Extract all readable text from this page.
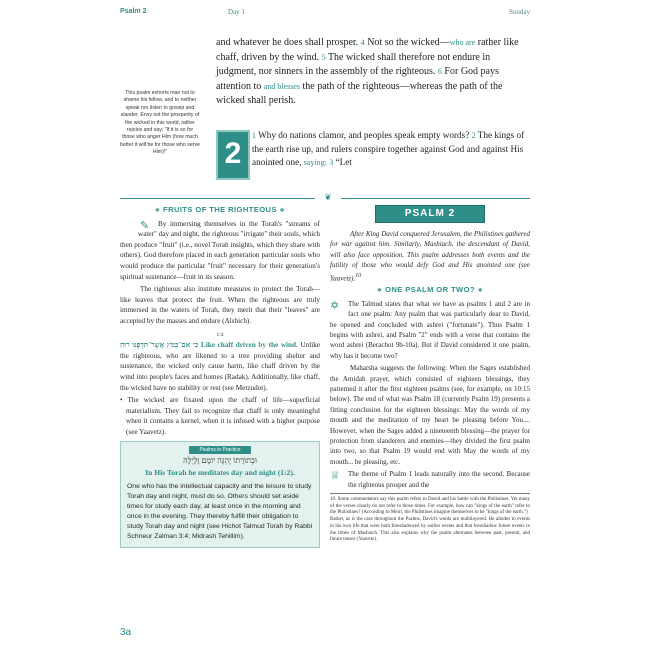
Psalm 2	Day 1	Sunday
and whatever he does shall prosper. 4 Not so the wicked—who are rather like chaff, driven by the wind. 5 The wicked shall therefore not endure in judgment, nor sinners in the assembly of the righteous. 6 For God pays attention to and blesses the path of the righteous—whereas the path of the wicked shall perish.
This psalm exhorts man not to shame his fellow, and to neither speak nor listen to gossip and slander. Envy not the prosperity of the wicked in this world, rather rejoice and say: "If it is so for those who anger Him (how much better it will be for those who serve Him)!"	2
1 Why do nations clamor, and peoples speak empty words? 2 The kings of the earth rise up, and rulers conspire together against God and against His anointed one, saying: 3 “Let
❦
❖ FRUITS OF THE RIGHTEOUS ❖

✎ By immersing themselves in the Torah's "streams of water" day and night, the righteous "irrigate" their souls, which then produce "fruit" (i.e., novel Torah insights, which they share with others). God therefore placed in each generation particular souls who would produce the particular "fruit" necessary for their generation's spiritual sustenance—fruit in its season.

The righteous also institute measures to protect the Torah—like leaves that protect the fruit. When the righteous are truly immersed in the waters of Torah, they merit that their "leaves" are accepted by the masses and endure (Alshich).

1:4

כִּי אִם־כַּמֹּץ אֲשֶׁר־תִּדְּפֶנּוּ רוּחַ Like chaff driven by the wind. Unlike the righteous, who are likened to a tree providing shelter and sustenance, the wicked only cause harm, like chaff driven by the wind into people's faces and homes (Radak). Additionally, like chaff, the wicked have no stability or rest (see Metzudot).

• The wicked are fixated upon the chaff of life—superficial materialism. They fail to recognize that chaff is only meaningful when it contains a kernel, when it is infused with a higher purpose (see Yaavetz).

Psalms in Practice
וּבְתוֹרָתוֹ יֶהְגֶּה יוֹמָם וָלָיְלָה
In His Torah he meditates day and night (1:2).
One who has the intellectual capacity and the leisure to study Torah day and night, must do so. Others should set aside times for study each day, at least once in the morning and once in the evening. They thereby fulfill their obligation to study Torah day and night (see Hichot Talmud Torah by Rabbi Schneur Zalman 3:4; Midrash Tehillim).
PSALM 2

After King David conquered Jerusalem, the Philistines gathered for war against him. Similarly, Mashiach, the descendant of David, will also face opposition. This psalm addresses both events and the futility of those who would defy God and His anointed one (see Yaavetz).$^{10}$

❖ ONE PSALM OR TWO? ❖

✡	The Talmud states that what we have as psalms 1 and 2 are in fact one psalm: Any psalm that was particularly dear to David, he opened and concluded with ashrei ("fortunate"). Thus Psalm 1 begins with ashrei, and Psalm "2" ends with a verse that contains the word ashrei (Berachot 9b-10a). But if David considered it one psalm, why has it become two?

Maharsha suggests the following: When the Sages established the Amidah prayer, which consisted of eighteen blessings, they patterned it after the first eighteen psalms (see, for example, on 10:15 below). The end of what was Psalm 18 (currently Psalm 19) presents a fitting conclusion for the eighteen blessings: May the words of my mouth and the meditation of my heart be pleasing before You.... However, when the Sages added a nineteenth blessing—the prayer for protection from slanderers and enemies—they divided the first psalm into two, so that Psalm 19 would end with May the words of my mouth... be pleasing, etc.

♕	The theme of Psalm 1 leads naturally into the second. Because the righteous prosper and the

10. Some commentators say this psalm refers to David and his battle with the Philistines. Yet many of the verses clearly do not refer to those times. For example, how can "kings of the earth" refer to the Philistines? (According to Meiri, the Philistines imagine themselves to be "kings of the earth.")

Rather, as is the case throughout the Psalms, David's words are multilayered. He alludes to events in his own life that were both foreshadowed by earlier events and that foreshadow future events in the times of Mashiach. This also explains why the psalm alternates between past, present, and future tenses (Yaavetz).

3a
